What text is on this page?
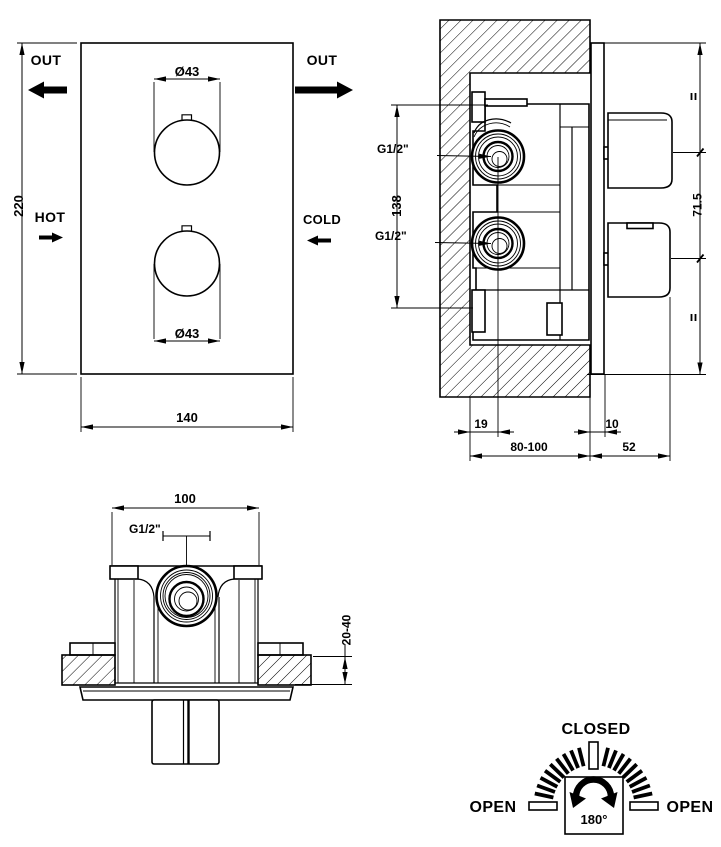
OUT	OUT
HOT	COLD
Ø43
Ø43
220
140
G1/2"
G1/2"
138	71.5
19	10
80-100	52
100
G1/2"
20-40
CLOSED
OPEN	OPEN
180°
